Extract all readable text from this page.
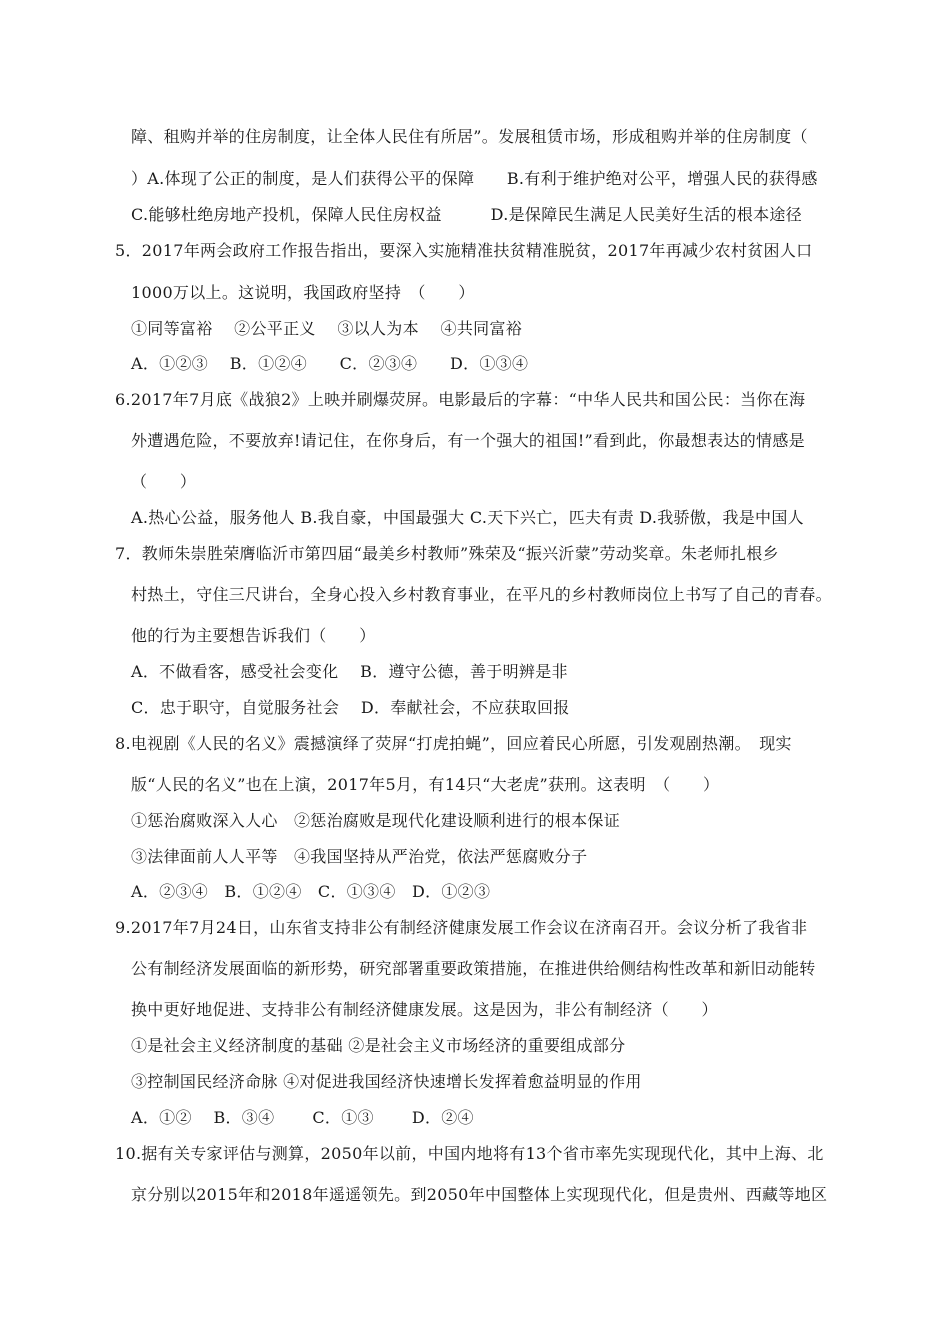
障、租购并举的住房制度，让全体人民住有所居”。发展租赁市场，形成租购并举的住房制度（
）A.体现了公正的制度，是人们获得公平的保障　　B.有利于维护绝对公平，增强人民的获得感
C.能够杜绝房地产投机，保障人民住房权益　　　D.是保障民生满足人民美好生活的根本途径
5．2017年两会政府工作报告指出，要深入实施精准扶贫精准脱贫，2017年再减少农村贫困人口
1000万以上。这说明，我国政府坚持　（　　）
①同等富裕　 ②公平正义　 ③以人为本　 ④共同富裕
A．①②③　 B．①②④　　C．②③④　　D．①③④
6.2017年7月底《战狼2》上映并刷爆荧屏。电影最后的字幕：“中华人民共和国公民：当你在海
外遭遇危险，不要放弃!请记住，在你身后，有一个强大的祖国!”看到此，你最想表达的情感是
（　　）
A.热心公益，服务他人 B.我自豪，中国最强大 C.天下兴亡，匹夫有责 D.我骄傲，我是中国人
7．教师朱崇胜荣膺临沂市第四届“最美乡村教师”殊荣及“振兴沂蒙”劳动奖章。朱老师扎根乡
村热土，守住三尺讲台，全身心投入乡村教育事业，在平凡的乡村教师岗位上书写了自己的青春。
他的行为主要想告诉我们（　　）
A．不做看客，感受社会变化　 B．遵守公德，善于明辨是非
C．忠于职守，自觉服务社会　 D．奉献社会，不应获取回报
8.电视剧《人民的名义》震撼演绎了荧屏“打虎拍蝇”，回应着民心所愿，引发观剧热潮。　现实
版“人民的名义”也在上演，2017年5月，有14只“大老虎”获刑。这表明　（　　）
①惩治腐败深入人心　②惩治腐败是现代化建设顺利进行的根本保证
③法律面前人人平等　④我国坚持从严治党，依法严惩腐败分子
A．②③④　B．①②④　C．①③④　D．①②③
9.2017年7月24日，山东省支持非公有制经济健康发展工作会议在济南召开。会议分析了我省非
公有制经济发展面临的新形势，研究部署重要政策措施，在推进供给侧结构性改革和新旧动能转
换中更好地促进、支持非公有制经济健康发展。这是因为，非公有制经济（　　）
①是社会主义经济制度的基础 ②是社会主义市场经济的重要组成部分
③控制国民经济命脉 ④对促进我国经济快速增长发挥着愈益明显的作用
A．①②　 B．③④　　 C．①③　　 D．②④
10.据有关专家评估与测算，2050年以前，中国内地将有13个省市率先实现现代化，其中上海、北
京分别以2015年和2018年遥遥领先。到2050年中国整体上实现现代化，但是贵州、西藏等地区
